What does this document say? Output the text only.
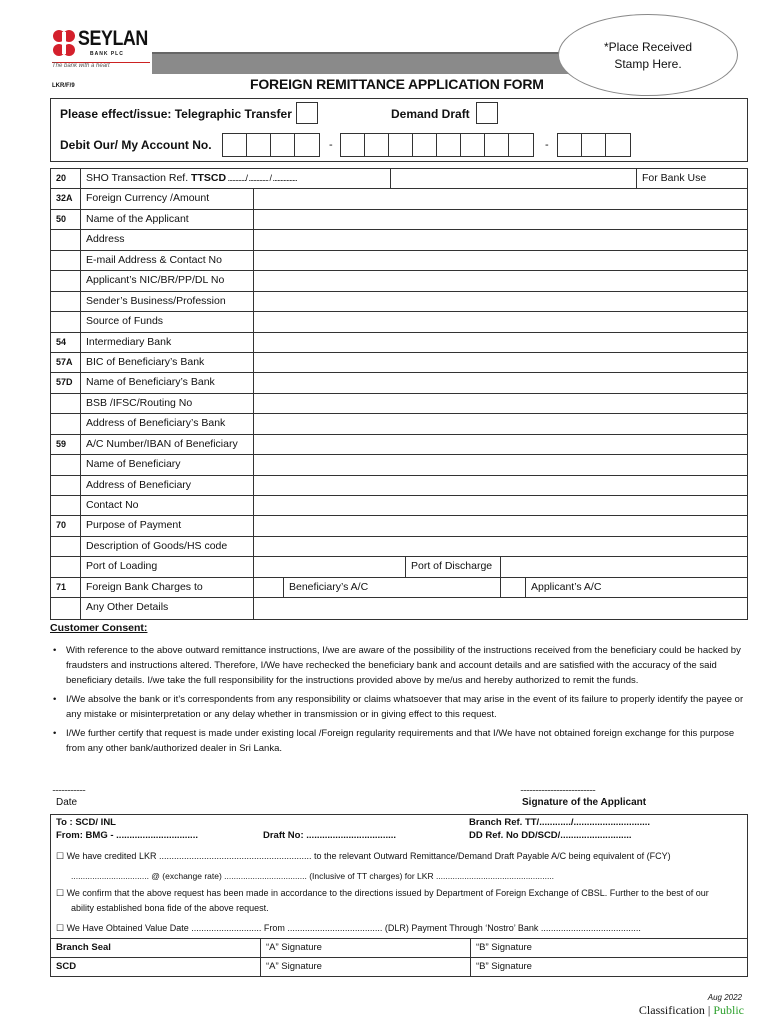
SEYLAN
BANK PLC
The bank with a heart
LKR/F/9
*Place Received
Stamp Here.
FOREIGN REMITTANCE APPLICATION FORM
Please effect/issue: Telegraphic Transfer	Demand Draft
Debit Our/ My Account No.	-	-
20	SHO Transaction Ref. TTSCD ............/ ............. / ................	For Bank Use
32A	Foreign Currency /Amount
50	Name of the Applicant
Address
E-mail Address & Contact No
Applicant’s NIC/BR/PP/DL No
Sender’s Business/Profession
Source of Funds
54	Intermediary Bank
57A	BIC of Beneficiary’s Bank
57D	Name of Beneficiary’s Bank
BSB /IFSC/Routing No
Address of Beneficiary’s Bank
59	A/C Number/IBAN of Beneficiary
Name of Beneficiary
Address of Beneficiary
Contact No
70	Purpose of Payment
Description of Goods/HS code
Port of Loading	Port of Discharge
71	Foreign Bank Charges to	Beneficiary’s A/C	Applicant’s A/C
Any Other Details
Customer Consent:
• With reference to the above outward remittance instructions, I/we are aware of the possibility of the instructions received from the beneficiary could be hacked by fraudsters and instructions altered. Therefore, I/We have rechecked the beneficiary bank and account details and are satisfied with the accuracy of the said beneficiary details. I/we take the full responsibility for the instructions provided above by me/us and hereby authorized to remit the funds.
• I/We absolve the bank or it’s correspondents from any responsibility or claims whatsoever that may arise in the event of its failure to properly identify the payee or any mistake or misinterpretation or any delay whether in transmission or in giving effect to this request.
• I/We further certify that request is made under existing local /Foreign regularity requirements and that I/We have not obtained foreign exchange for this purpose from any other bank/authorized dealer in Sri Lanka.
......................
Date
..................................................
Signature of the Applicant
To : SCD/ INL
From: BMG - ...............................	Draft No: ..................................
Branch Ref. TT/............/.............................
DD Ref. No DD/SCD/...........................
☐ We have credited LKR ............................................................. to the relevant Outward Remittance/Demand Draft Payable A/C being equivalent of (FCY)
................................. @ (exchange rate) ................................... (Inclusive of TT charges) for LKR ..................................................
☐ We confirm that the above request has been made in accordance to the directions issued by Department of Foreign Exchange of CBSL. Further to the best of our
ability established bona fide of the above request.
☐ We Have Obtained Value Date ............................ From ...................................... (DLR) Payment Through ‘Nostro’ Bank ........................................
Branch Seal	“A” Signature	“B” Signature
SCD	“A” Signature	“B” Signature
Aug 2022
Classification | Public
